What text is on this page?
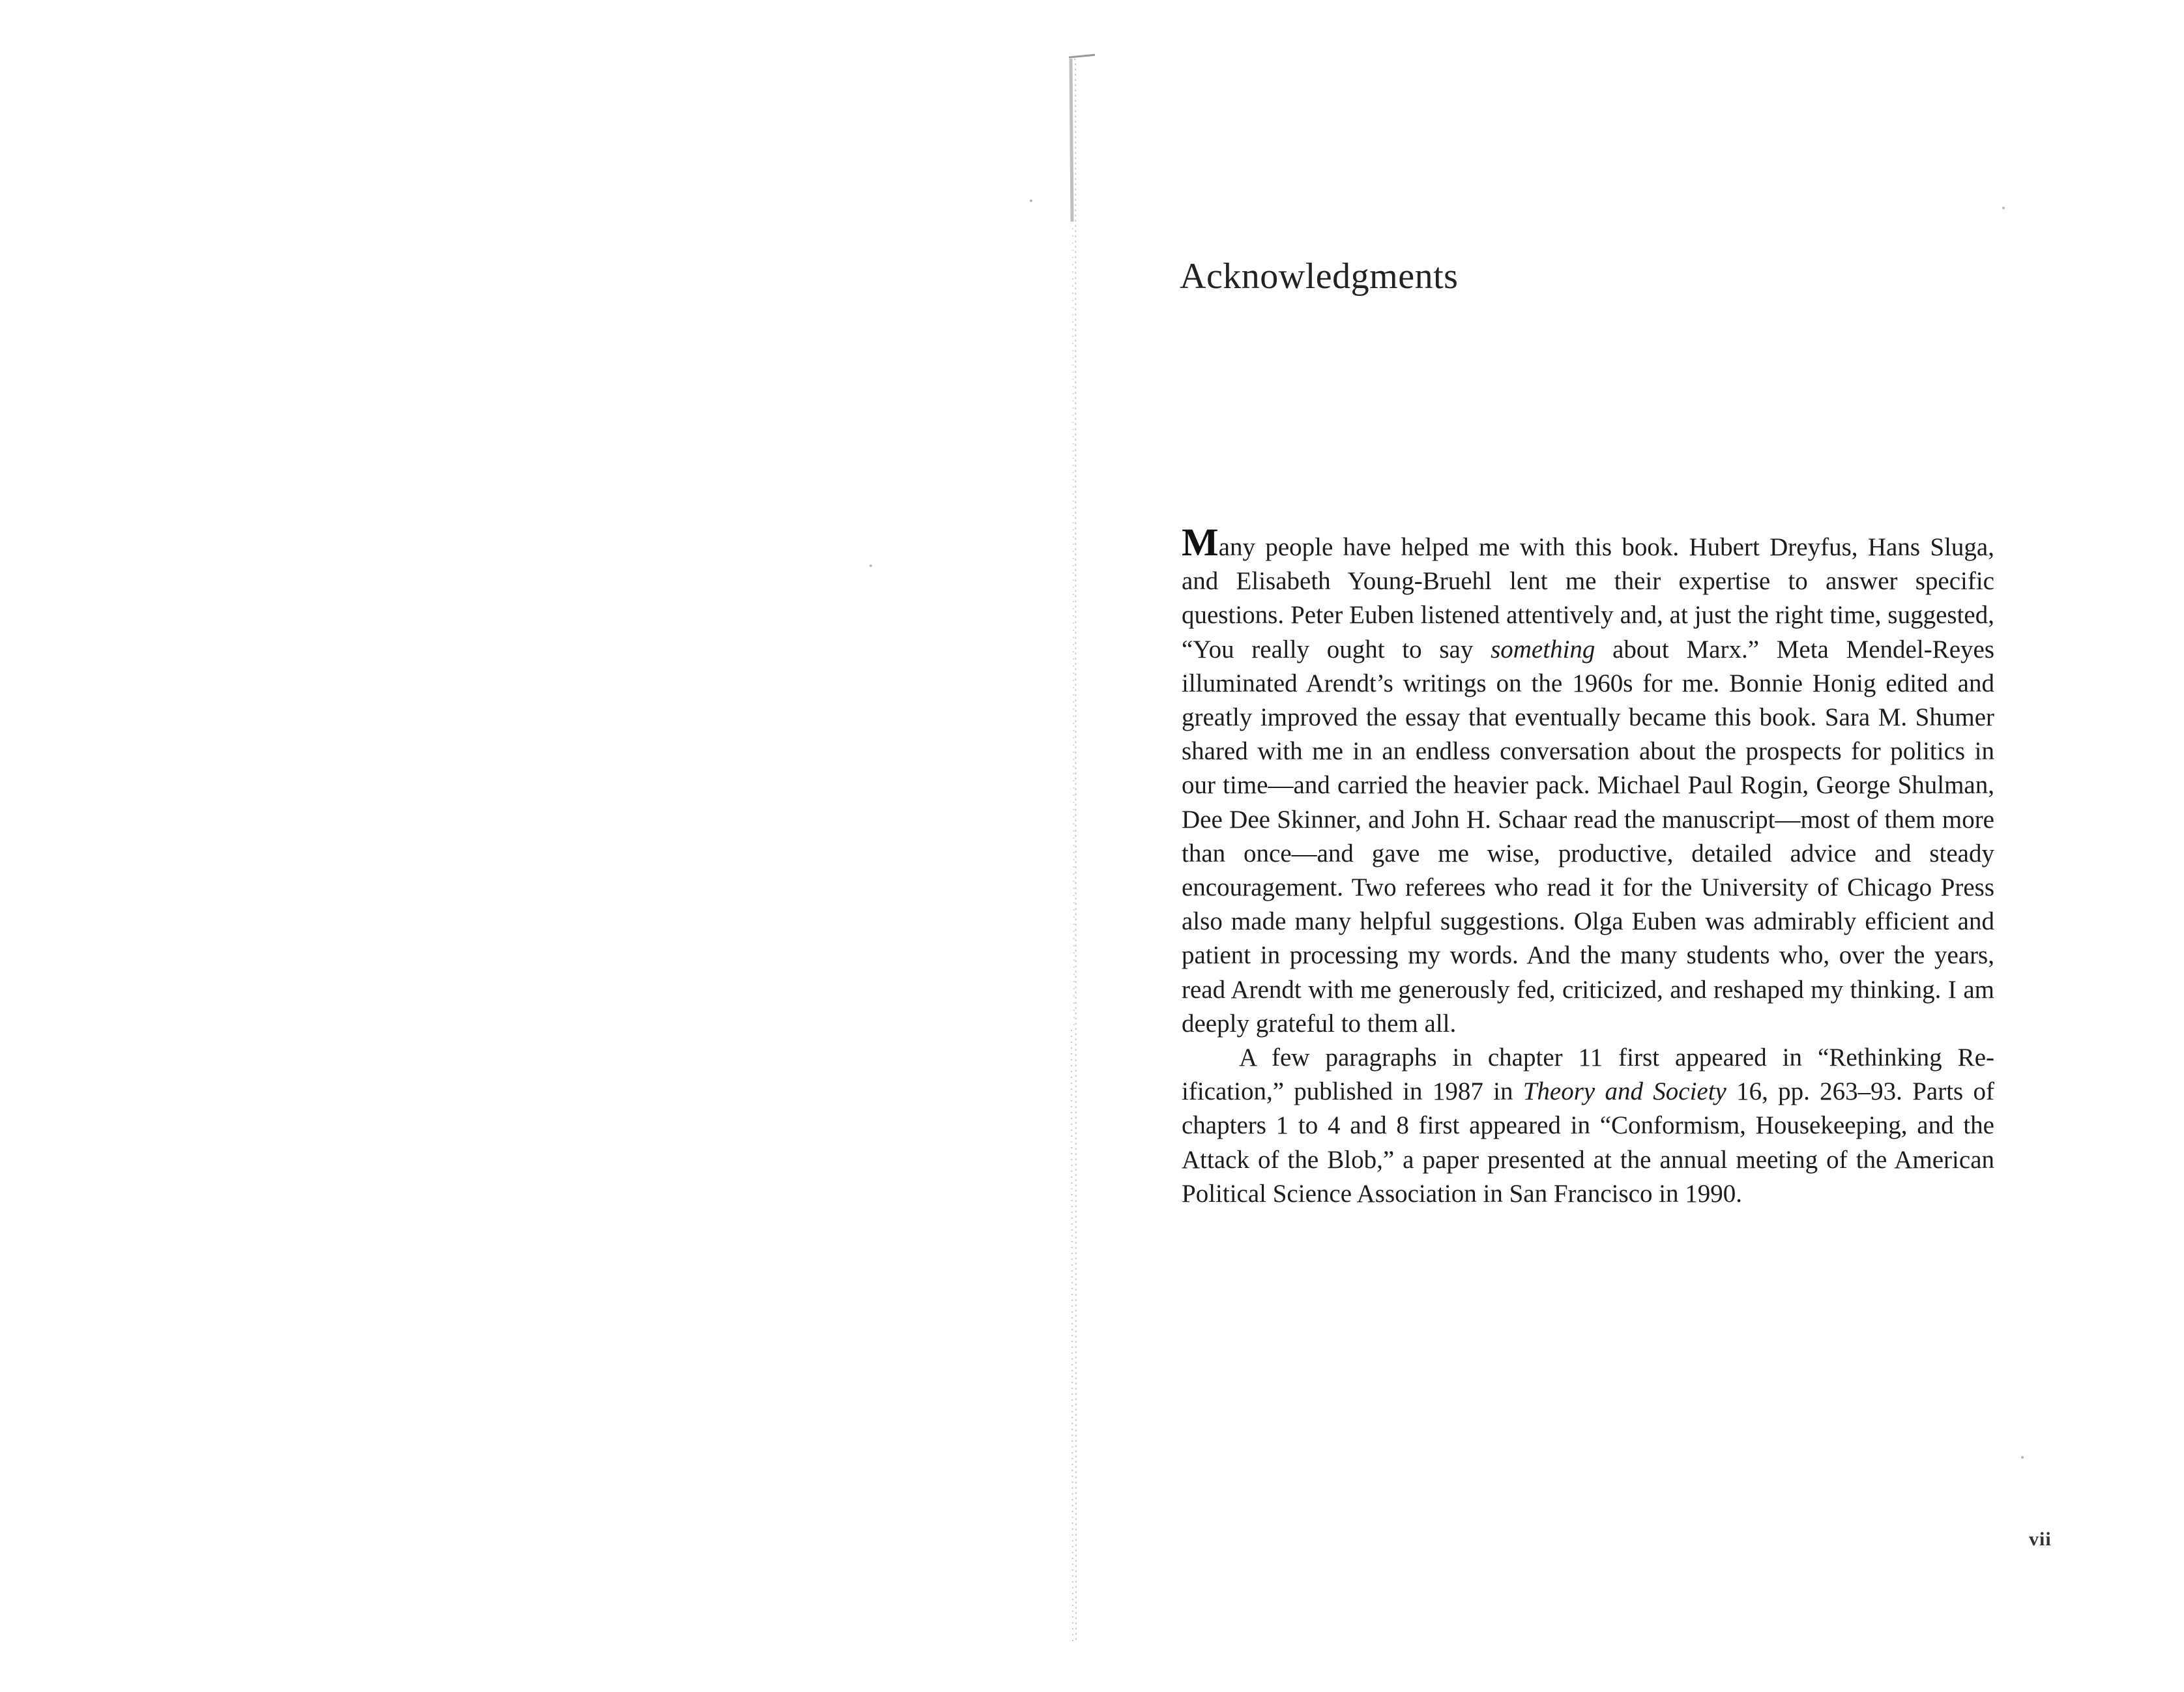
Acknowledgments

Many people have helped me with this book. Hubert Dreyfus, Hans Sluga, and Elisabeth Young-Bruehl lent me their expertise to answer specific questions. Peter Euben listened attentively and, at just the right time, suggested, “You really ought to say something about Marx.” Meta Mendel-Reyes illuminated Arendt’s writings on the 1960s for me. Bonnie Honig edited and greatly improved the essay that eventually became this book. Sara M. Shumer shared with me in an endless conversation about the prospects for politics in our time—and carried the heavier pack. Michael Paul Rogin, George Shulman, Dee Dee Skinner, and John H. Schaar read the manuscript—most of them more than once—and gave me wise, productive, detailed advice and steady encouragement. Two referees who read it for the University of Chicago Press also made many helpful suggestions. Olga Euben was admirably efficient and patient in processing my words. And the many students who, over the years, read Arendt with me generously fed, criticized, and reshaped my thinking. I am deeply grateful to them all.

A few paragraphs in chapter 11 first appeared in “Rethinking Reification,” published in 1987 in Theory and Society 16, pp. 263–93. Parts of chapters 1 to 4 and 8 first appeared in “Conformism, Housekeeping, and the Attack of the Blob,” a paper presented at the annual meeting of the American Political Science Association in San Francisco in 1990.

vii
